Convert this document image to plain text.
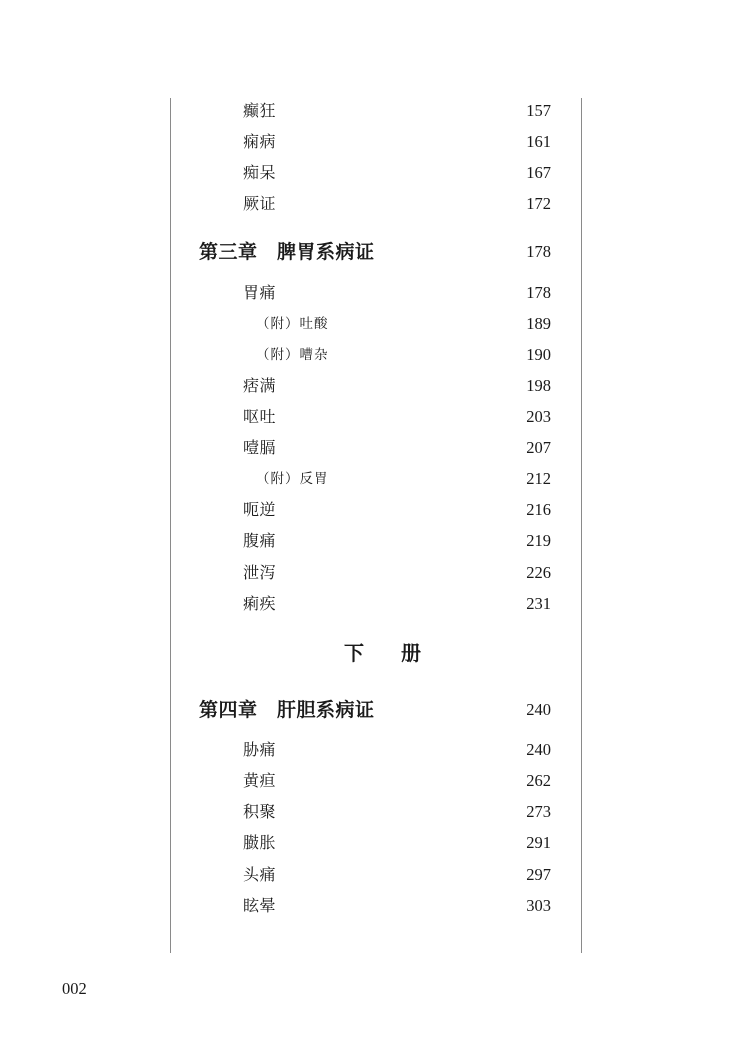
癫狂	157
痫病	161
痴呆	167
厥证	172
第三章　脾胃系病证	178
胃痛	178
（附）吐酸	189
（附）嘈杂	190
痞满	198
呕吐	203
噎膈	207
（附）反胃	212
呃逆	216
腹痛	219
泄泻	226
痢疾	231
下 册
第四章　肝胆系病证	240
胁痛	240
黄疸	262
积聚	273
臌胀	291
头痛	297
眩晕	303
002
